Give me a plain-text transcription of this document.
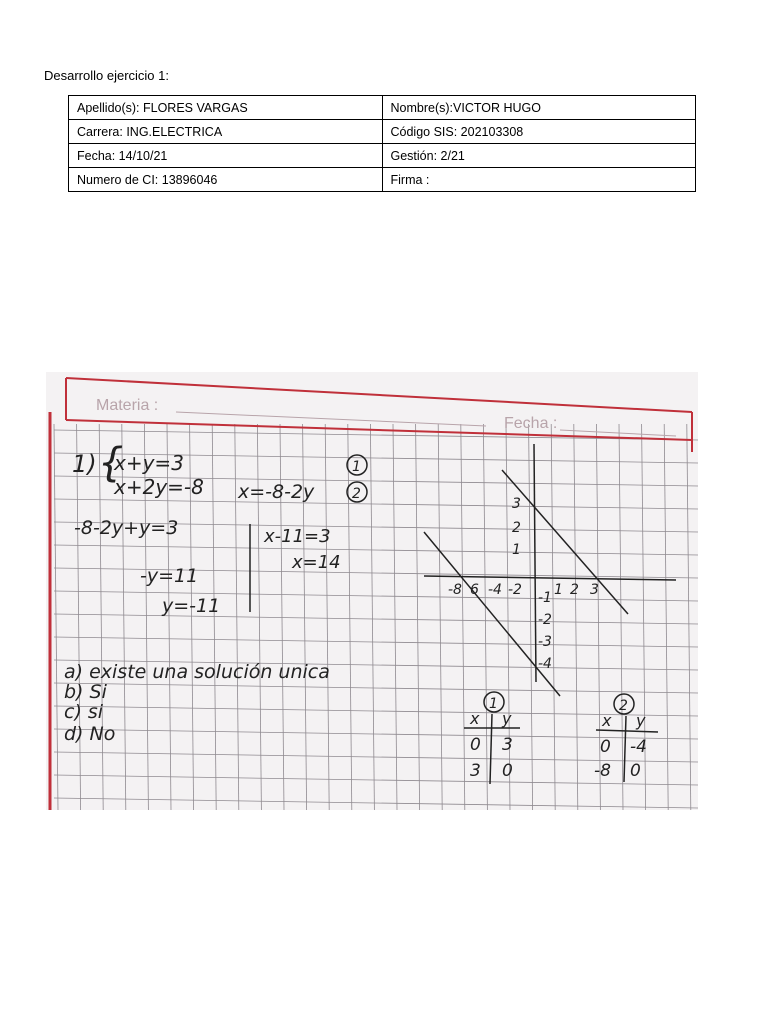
Desarrollo ejercicio 1:
Apellido(s): FLORES VARGAS	Nombre(s):VICTOR HUGO
Carrera: ING.ELECTRICA	Código SIS: 202103308
Fecha: 14/10/21	Gestión: 2/21
Numero de CI: 13896046	Firma :
Materia :
Fecha :
1) {
x+y=3
x+2y=-8 x=-8-2y
1
2
-8-2y+y=3
-y=11
y=-11
x-11=3
x=14
a) existe una solución unica
b) Si
c) si
d) No
-8 6 -4 -2 1 2 3
3
2
1
-1
-2
-3
-4
1
x y
0 3
3 0
2
x y
0 -4
-8 0
